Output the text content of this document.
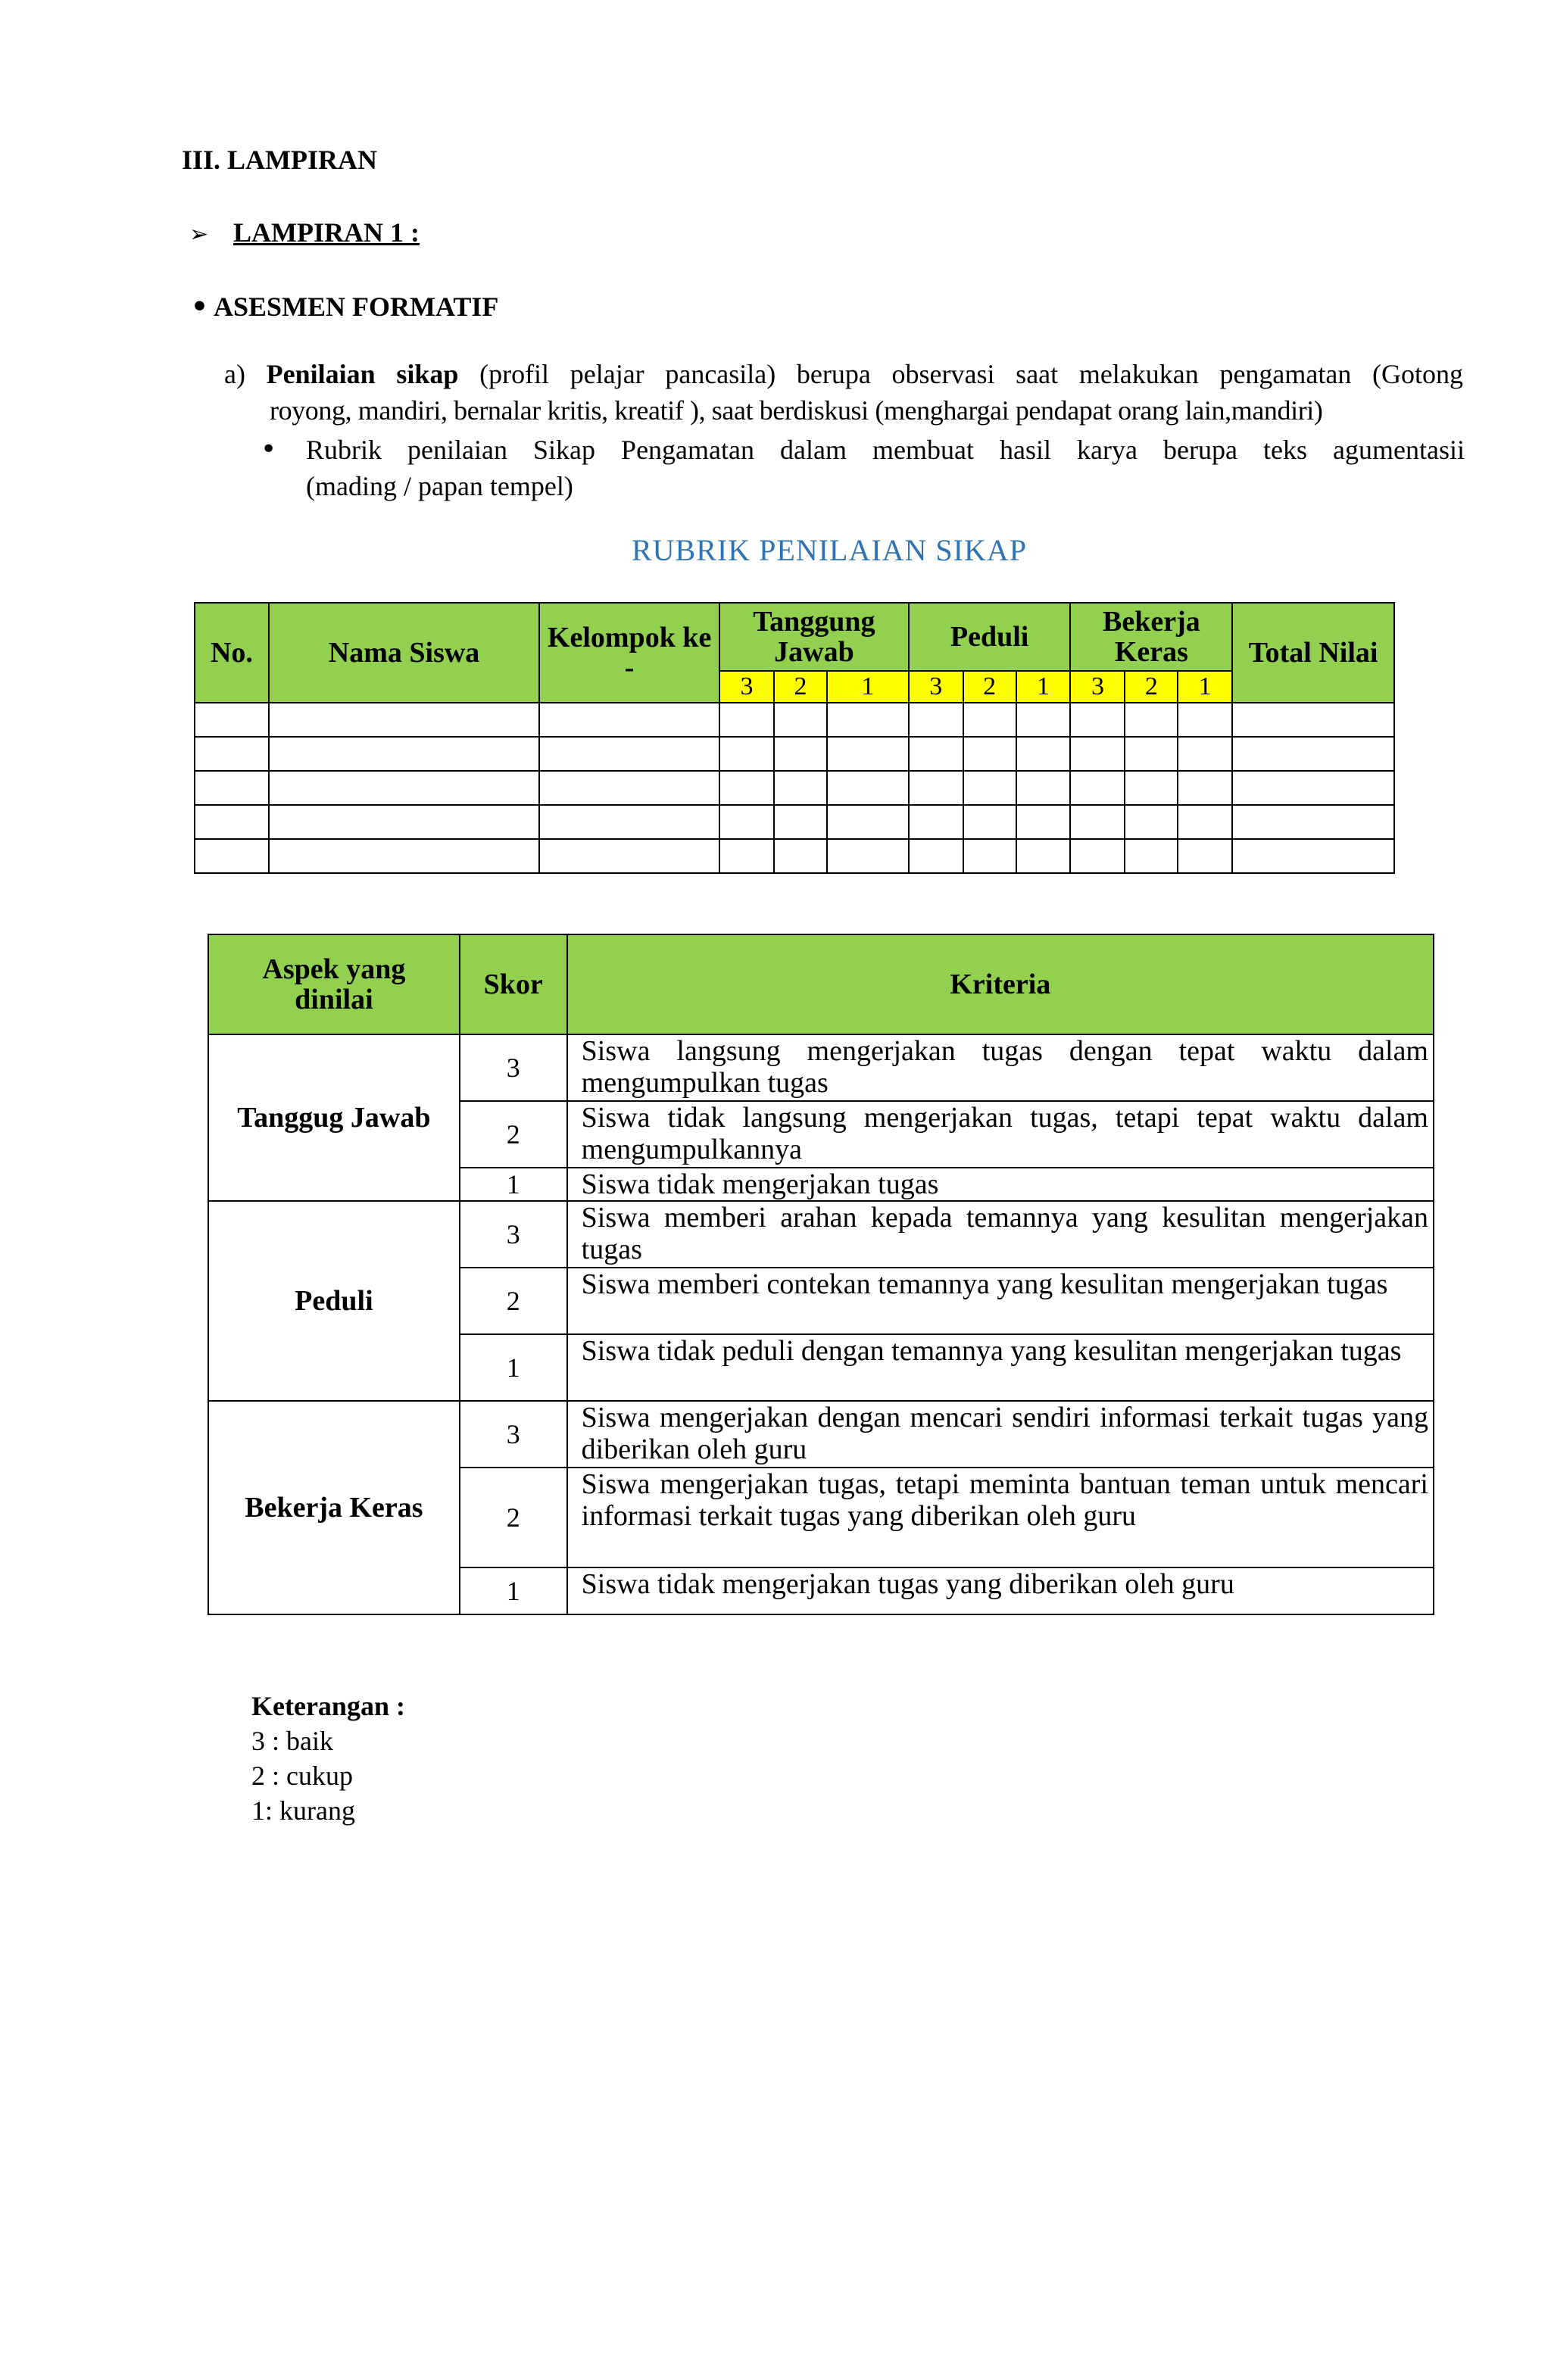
III. LAMPIRAN
➢ LAMPIRAN 1 :
• ASESMEN FORMATIF
a) Penilaian sikap (profil pelajar pancasila) berupa observasi saat melakukan pengamatan (Gotong
royong, mandiri, bernalar kritis, kreatif ), saat berdiskusi (menghargai pendapat orang lain,mandiri)
•	Rubrik penilaian Sikap Pengamatan dalam membuat hasil karya berupa teks agumentasii
(mading / papan tempel)
RUBRIK PENILAIAN SIKAP
No.	Nama Siswa	Kelompok ke -	Tanggung Jawab			Peduli			Bekerja Keras			Total Nilai
			3	2	1	3	2	1	3	2	1	

Aspek yang dinilai	Skor	Kriteria
Tanggug Jawab	3	Siswa langsung mengerjakan tugas dengan tepat waktu dalam mengumpulkan tugas
	2	Siswa tidak langsung mengerjakan tugas, tetapi tepat waktu dalam mengumpulkannya
	1	Siswa tidak mengerjakan tugas
Peduli	3	Siswa memberi arahan kepada temannya yang kesulitan mengerjakan tugas
	2	Siswa memberi contekan temannya yang kesulitan mengerjakan tugas
	1	Siswa tidak peduli dengan temannya yang kesulitan mengerjakan tugas
Bekerja Keras	3	Siswa mengerjakan dengan mencari sendiri informasi terkait tugas yang diberikan oleh guru
	2	Siswa mengerjakan tugas, tetapi meminta bantuan teman untuk mencari informasi terkait tugas yang diberikan oleh guru
	1	Siswa tidak mengerjakan tugas yang diberikan oleh guru
Keterangan :
3 : baik
2 : cukup
1: kurang
